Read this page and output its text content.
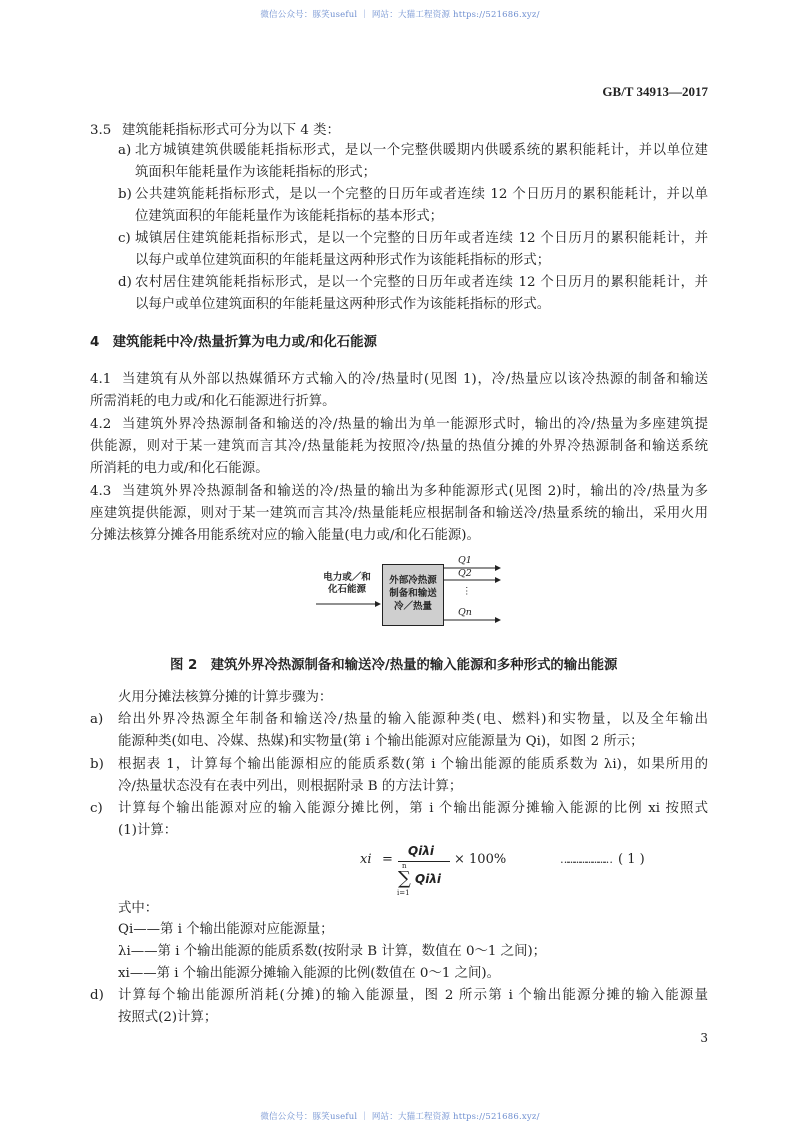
微信公众号：豚笑useful ｜ 网站：大猫工程资源 https://521686.xyz/
GB/T 34913—2017
3.5 建筑能耗指标形式可分为以下 4 类：
a) 北方城镇建筑供暖能耗指标形式，是以一个完整供暖期内供暖系统的累积能耗计，并以单位建
筑面积年能耗量作为该能耗指标的形式；
b) 公共建筑能耗指标形式，是以一个完整的日历年或者连续 12 个日历月的累积能耗计，并以单
位建筑面积的年能耗量作为该能耗指标的基本形式；
c) 城镇居住建筑能耗指标形式，是以一个完整的日历年或者连续 12 个日历月的累积能耗计，并
以每户或单位建筑面积的年能耗量这两种形式作为该能耗指标的形式；
d) 农村居住建筑能耗指标形式，是以一个完整的日历年或者连续 12 个日历月的累积能耗计，并
以每户或单位建筑面积的年能耗量这两种形式作为该能耗指标的形式。
4　建筑能耗中冷/热量折算为电力或/和化石能源
4.1 当建筑有从外部以热媒循环方式输入的冷/热量时(见图 1)，冷/热量应以该冷热源的制备和输送
所需消耗的电力或/和化石能源进行折算。
4.2 当建筑外界冷热源制备和输送的冷/热量的输出为单一能源形式时，输出的冷/热量为多座建筑提
供能源，则对于某一建筑而言其冷/热量能耗为按照冷/热量的热值分摊的外界冷热源制备和输送系统
所消耗的电力或/和化石能源。
4.3 当建筑外界冷热源制备和输送的冷/热量的输出为多种能源形式(见图 2)时，输出的冷/热量为多
座建筑提供能源，则对于某一建筑而言其冷/热量能耗应根据制备和输送冷/热量系统的输出，采用火用
分摊法核算分摊各用能系统对应的输入能量(电力或/和化石能源)。
图 2　建筑外界冷热源制备和输送冷/热量的输入能源和多种形式的输出能源
火用分摊法核算分摊的计算步骤为：
a) 给出外界冷热源全年制备和输送冷/热量的输入能源种类(电、燃料)和实物量，以及全年输出
能源种类(如电、冷媒、热媒)和实物量(第 i 个输出能源对应能源量为 Qi)，如图 2 所示；
b) 根据表 1，计算每个输出能源相应的能质系数(第 i 个输出能源的能质系数为 λi)，如果所用的
冷/热量状态没有在表中列出，则根据附录 B 的方法计算；
c) 计算每个输出能源对应的输入能源分摊比例，第 i 个输出能源分摊输入能源的比例 xi 按照式
(1)计算：
式中：
Qi——第 i 个输出能源对应能源量；
λi——第 i 个输出能源的能质系数(按附录 B 计算，数值在 0～1 之间)；
xi——第 i 个输出能源分摊输入能源的比例(数值在 0～1 之间)。
d) 计算每个输出能源所消耗(分摊)的输入能源量，图 2 所示第 i 个输出能源分摊的输入能源量
按照式(2)计算；
电力或／和
化石能源
外部冷热源
制备和输送
冷／热量
Q1
Q2
⋮
Qn
xi =
Qiλi
n
∑
i=1
Qiλi
× 100%	…………………… ( 1 )
3
微信公众号：豚笑useful ｜ 网站：大猫工程资源 https://521686.xyz/
